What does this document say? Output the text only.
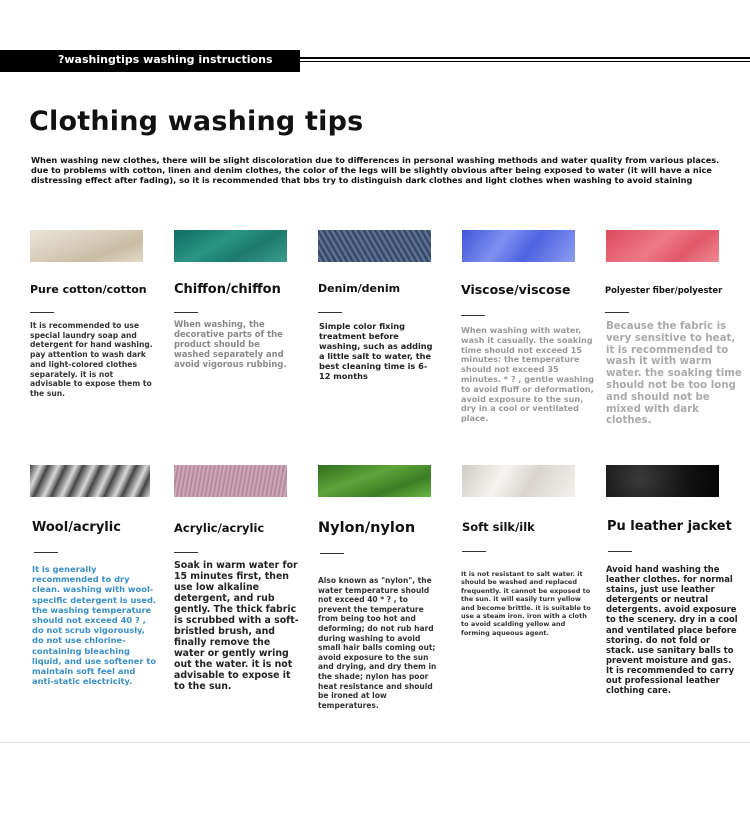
?washingtips washing instructions
Clothing washing tips
When washing new clothes, there will be slight discoloration due to differences in personal washing methods and water quality from various places. due to problems with cotton, linen and denim clothes, the color of the legs will be slightly obvious after being exposed to water (it will have a nice distressing effect after fading), so it is recommended that bbs try to distinguish dark clothes and light clothes when washing to avoid staining
Pure cotton/cotton
It is recommended to use special laundry soap and detergent for hand washing. pay attention to wash dark and light-colored clothes separately. it is not advisable to expose them to the sun.
Chiffon/chiffon
When washing, the decorative parts of the product should be washed separately and avoid vigorous rubbing.
Denim/denim
Simple color fixing treatment before washing, such as adding a little salt to water, the best cleaning time is 6-12 months
Viscose/viscose
When washing with water, wash it casually. the soaking time should not exceed 15 minutes: the temperature should not exceed 35 minutes. * ? , gentle washing to avoid fluff or deformation, avoid exposure to the sun, dry in a cool or ventilated place.
Polyester fiber/polyester
Because the fabric is very sensitive to heat, it is recommended to wash it with warm water. the soaking time should not be too long and should not be mixed with dark clothes.
Wool/acrylic
It is generally recommended to dry clean. washing with wool-specific detergent is used. the washing temperature should not exceed 40 ? , do not scrub vigorously, do not use chlorine-containing bleaching liquid, and use softener to maintain soft feel and anti-static electricity.
Acrylic/acrylic
Soak in warm water for 15 minutes first, then use low alkaline detergent, and rub gently. The thick fabric is scrubbed with a soft-bristled brush, and finally remove the water or gently wring out the water. it is not advisable to expose it to the sun.
Nylon/nylon
Also known as "nylon", the water temperature should not exceed 40 * ? , to prevent the temperature from being too hot and deforming; do not rub hard during washing to avoid small hair balls coming out; avoid exposure to the sun and drying, and dry them in the shade; nylon has poor heat resistance and should be ironed at low temperatures.
Soft silk/ilk
It is not resistant to salt water. it should be washed and replaced frequently. it cannot be exposed to the sun. it will easily turn yellow and become brittle. it is suitable to use a steam iron. iron with a cloth to avoid scalding yellow and forming aqueous agent.
Pu leather jacket
Avoid hand washing the leather clothes. for normal stains, just use leather detergents or neutral detergents. avoid exposure to the scenery. dry in a cool and ventilated place before storing. do not fold or stack. use sanitary balls to prevent moisture and gas. It is recommended to carry out professional leather clothing care.
